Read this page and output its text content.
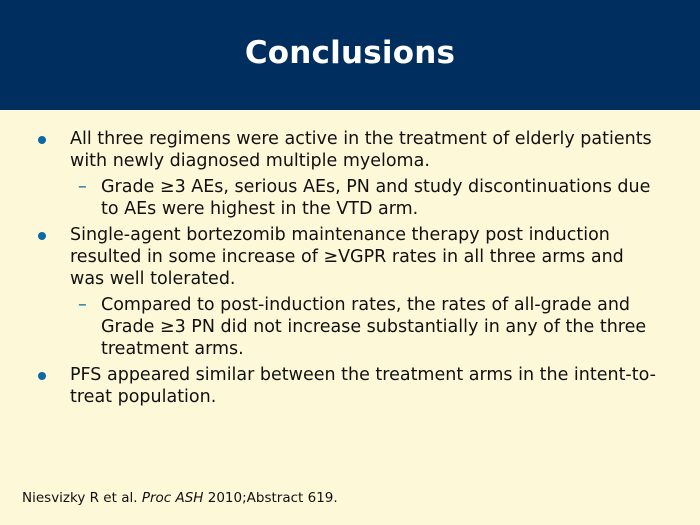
Conclusions
All three regimens were active in the treatment of elderly patients with newly diagnosed multiple myeloma.
– Grade ≥3 AEs, serious AEs, PN and study discontinuations due to AEs were highest in the VTD arm.
Single-agent bortezomib maintenance therapy post induction resulted in some increase of ≥VGPR rates in all three arms and was well tolerated.
– Compared to post-induction rates, the rates of all-grade and Grade ≥3 PN did not increase substantially in any of the three treatment arms.
PFS appeared similar between the treatment arms in the intent-to-treat population.
Niesvizky R et al. Proc ASH 2010;Abstract 619.
